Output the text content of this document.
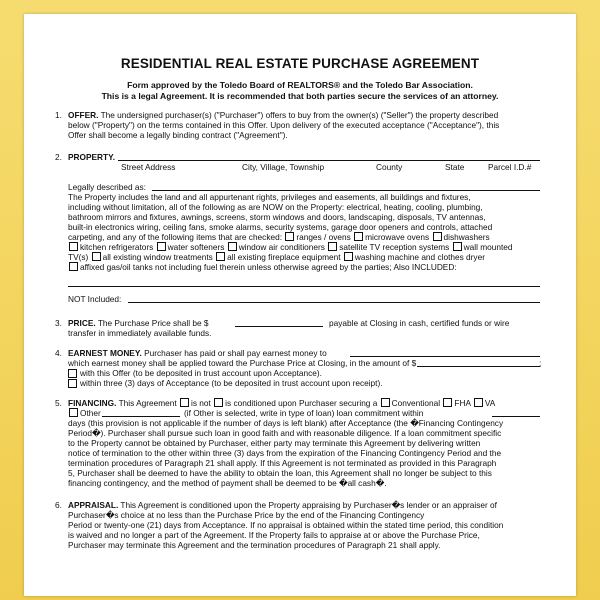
RESIDENTIAL REAL ESTATE PURCHASE AGREEMENT
Form approved by the Toledo Board of REALTORS® and the Toledo Bar Association.
This is a legal Agreement. It is recommended that both parties secure the services of an attorney.
1. OFFER. The undersigned purchaser(s) ("Purchaser") offers to buy from the owner(s) ("Seller") the property described
below ("Property") on the terms contained in this Offer. Upon delivery of the executed acceptance ("Acceptance"), this
Offer shall become a legally binding contract ("Agreement").
2. PROPERTY.
Street Address	City, Village, Township	County	State	Parcel I.D.#
Legally described as:
The Property includes the land and all appurtenant rights, privileges and easements, all buildings and fixtures,
including without limitation, all of the following as are NOW on the Property: electrical, heating, cooling, plumbing,
bathroom mirrors and fixtures, awnings, screens, storm windows and doors, landscaping, disposals, TV antennas,
built-in electronics wiring, ceiling fans, smoke alarms, security systems, garage door openers and controls, attached
carpeting, and any of the following items that are checked: ranges / ovens microwave ovens dishwashers
kitchen refrigerators water softeners window air conditioners satellite TV reception systems wall mounted
TV(s) all existing window treatments all existing fireplace equipment washing machine and clothes dryer
affixed gas/oil tanks not including fuel therein unless otherwise agreed by the parties; Also INCLUDED:
NOT Included:
3. PRICE. The Purchase Price shall be $	payable at Closing in cash, certified funds or wire
transfer in immediately available funds.
4. EARNEST MONEY. Purchaser has paid or shall pay earnest money to
which earnest money shall be applied toward the Purchase Price at Closing, in the amount of $	;
with this Offer (to be deposited in trust account upon Acceptance).
within three (3) days of Acceptance (to be deposited in trust account upon receipt).
5. FINANCING. This Agreement is not is conditioned upon Purchaser securing a Conventional FHA VA
Other	(if Other is selected, write in type of loan) loan commitment within
days (this provision is not applicable if the number of days is left blank) after Acceptance (the �Financing Contingency
Period�). Purchaser shall pursue such loan in good faith and with reasonable diligence. If a loan commitment specific
to the Property cannot be obtained by Purchaser, either party may terminate this Agreement by delivering written
notice of termination to the other within three (3) days from the expiration of the Financing Contingency Period and the
termination procedures of Paragraph 21 shall apply. If this Agreement is not terminated as provided in this Paragraph
5, Purchaser shall be deemed to have the ability to obtain the loan, this Agreement shall no longer be subject to this
financing contingency, and the method of payment shall be deemed to be �all cash�.
6. APPRAISAL. This Agreement is conditioned upon the Property appraising by Purchaser�s lender or an appraiser of
Purchaser�s choice at no less than the Purchase Price by the end of the Financing Contingency
Period or twenty-one (21) days from Acceptance. If no appraisal is obtained within the stated time period, this condition
is waived and no longer a part of the Agreement. If the Property fails to appraise at or above the Purchase Price,
Purchaser may terminate this Agreement and the termination procedures of Paragraph 21 shall apply.
